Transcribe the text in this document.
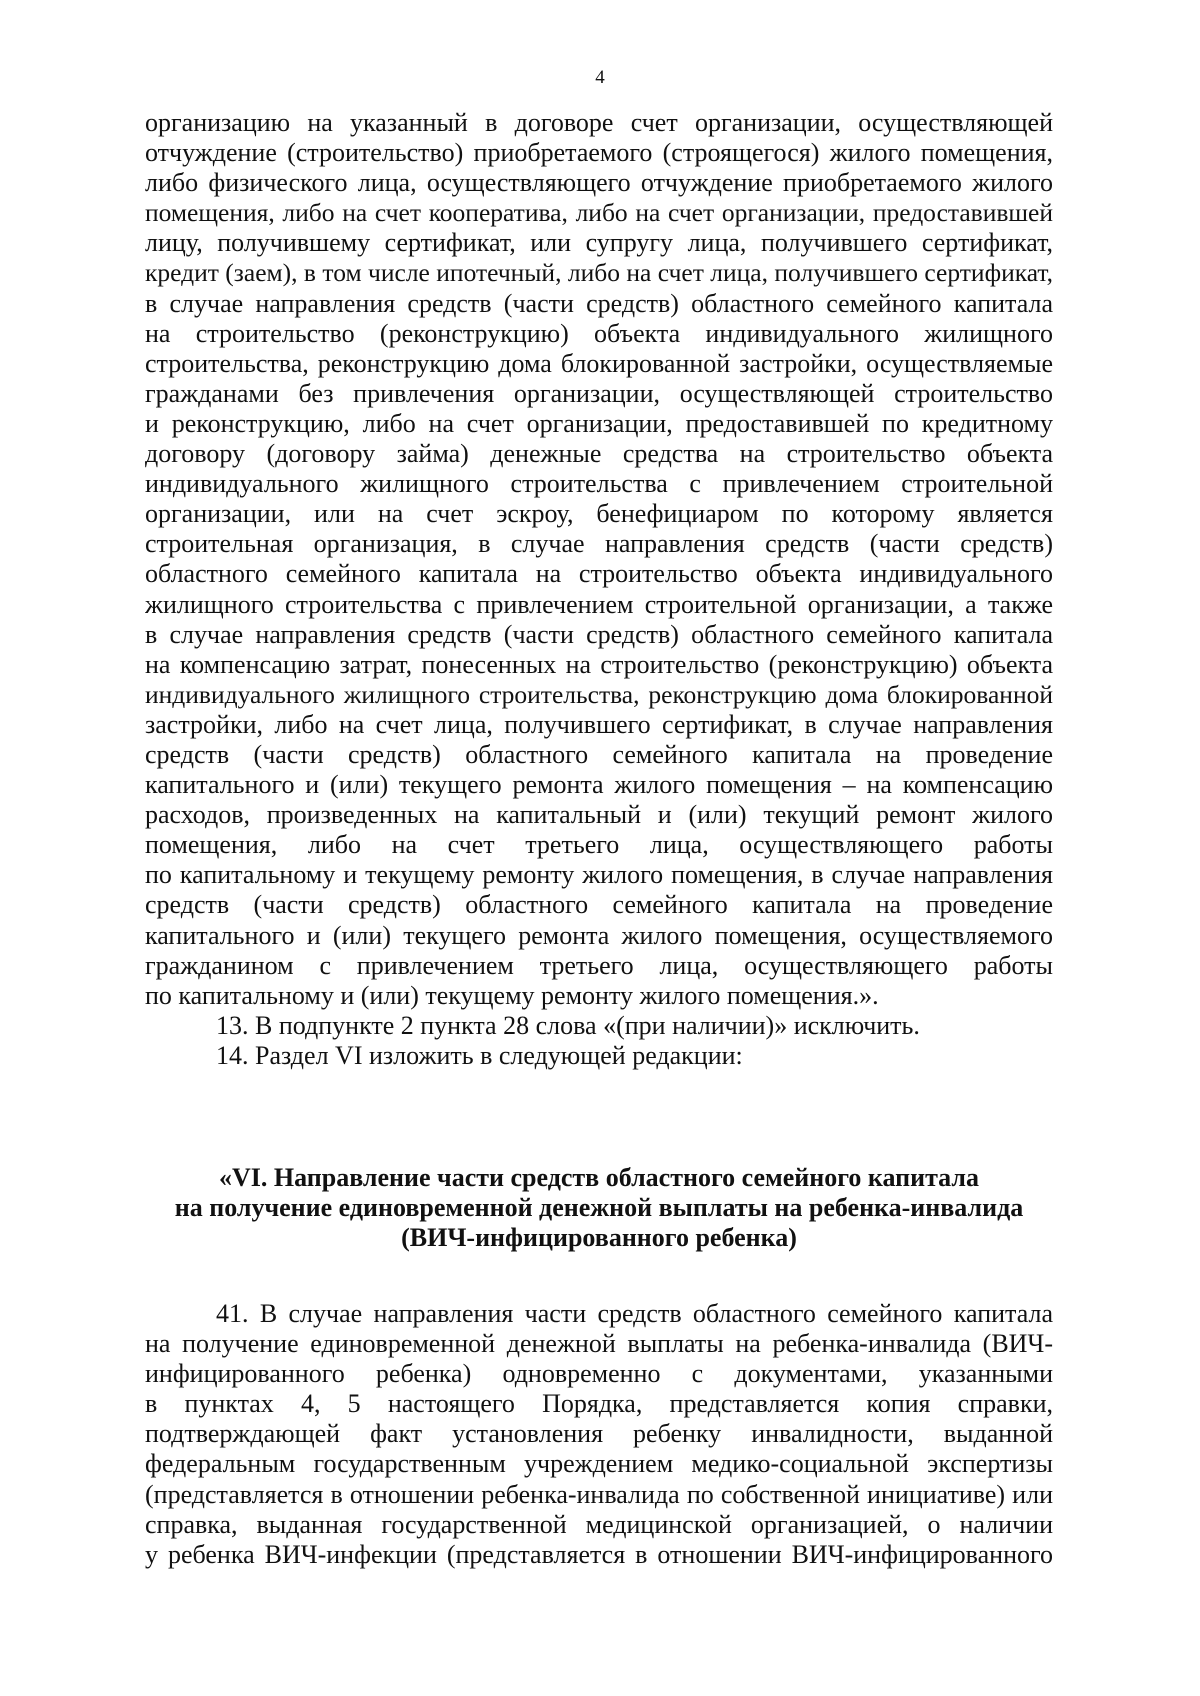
4
организацию на указанный в договоре счет организации, осуществляющей
отчуждение (строительство) приобретаемого (строящегося) жилого помещения,
либо физического лица, осуществляющего отчуждение приобретаемого жилого
помещения, либо на счет кооператива, либо на счет организации, предоставившей
лицу, получившему сертификат, или супругу лица, получившего сертификат,
кредит (заем), в том числе ипотечный, либо на счет лица, получившего сертификат,
в случае направления средств (части средств) областного семейного капитала
на строительство (реконструкцию) объекта индивидуального жилищного
строительства, реконструкцию дома блокированной застройки, осуществляемые
гражданами без привлечения организации, осуществляющей строительство
и реконструкцию, либо на счет организации, предоставившей по кредитному
договору (договору займа) денежные средства на строительство объекта
индивидуального жилищного строительства с привлечением строительной
организации, или на счет эскроу, бенефициаром по которому является
строительная организация, в случае направления средств (части средств)
областного семейного капитала на строительство объекта индивидуального
жилищного строительства с привлечением строительной организации, а также
в случае направления средств (части средств) областного семейного капитала
на компенсацию затрат, понесенных на строительство (реконструкцию) объекта
индивидуального жилищного строительства, реконструкцию дома блокированной
застройки, либо на счет лица, получившего сертификат, в случае направления
средств (части средств) областного семейного капитала на проведение
капитального и (или) текущего ремонта жилого помещения – на компенсацию
расходов, произведенных на капитальный и (или) текущий ремонт жилого
помещения, либо на счет третьего лица, осуществляющего работы
по капитальному и текущему ремонту жилого помещения, в случае направления
средств (части средств) областного семейного капитала на проведение
капитального и (или) текущего ремонта жилого помещения, осуществляемого
гражданином с привлечением третьего лица, осуществляющего работы
по капитальному и (или) текущему ремонту жилого помещения.».
13. В подпункте 2 пункта 28 слова «(при наличии)» исключить.
14. Раздел VI изложить в следующей редакции:
«VI. Направление части средств областного семейного капитала
на получение единовременной денежной выплаты на ребенка-инвалида
(ВИЧ-инфицированного ребенка)
41. В случае направления части средств областного семейного капитала
на получение единовременной денежной выплаты на ребенка-инвалида (ВИЧ-
инфицированного ребенка) одновременно с документами, указанными
в пунктах 4, 5 настоящего Порядка, представляется копия справки,
подтверждающей факт установления ребенку инвалидности, выданной
федеральным государственным учреждением медико-социальной экспертизы
(представляется в отношении ребенка-инвалида по собственной инициативе) или
справка, выданная государственной медицинской организацией, о наличии
у ребенка ВИЧ-инфекции (представляется в отношении ВИЧ-инфицированного
